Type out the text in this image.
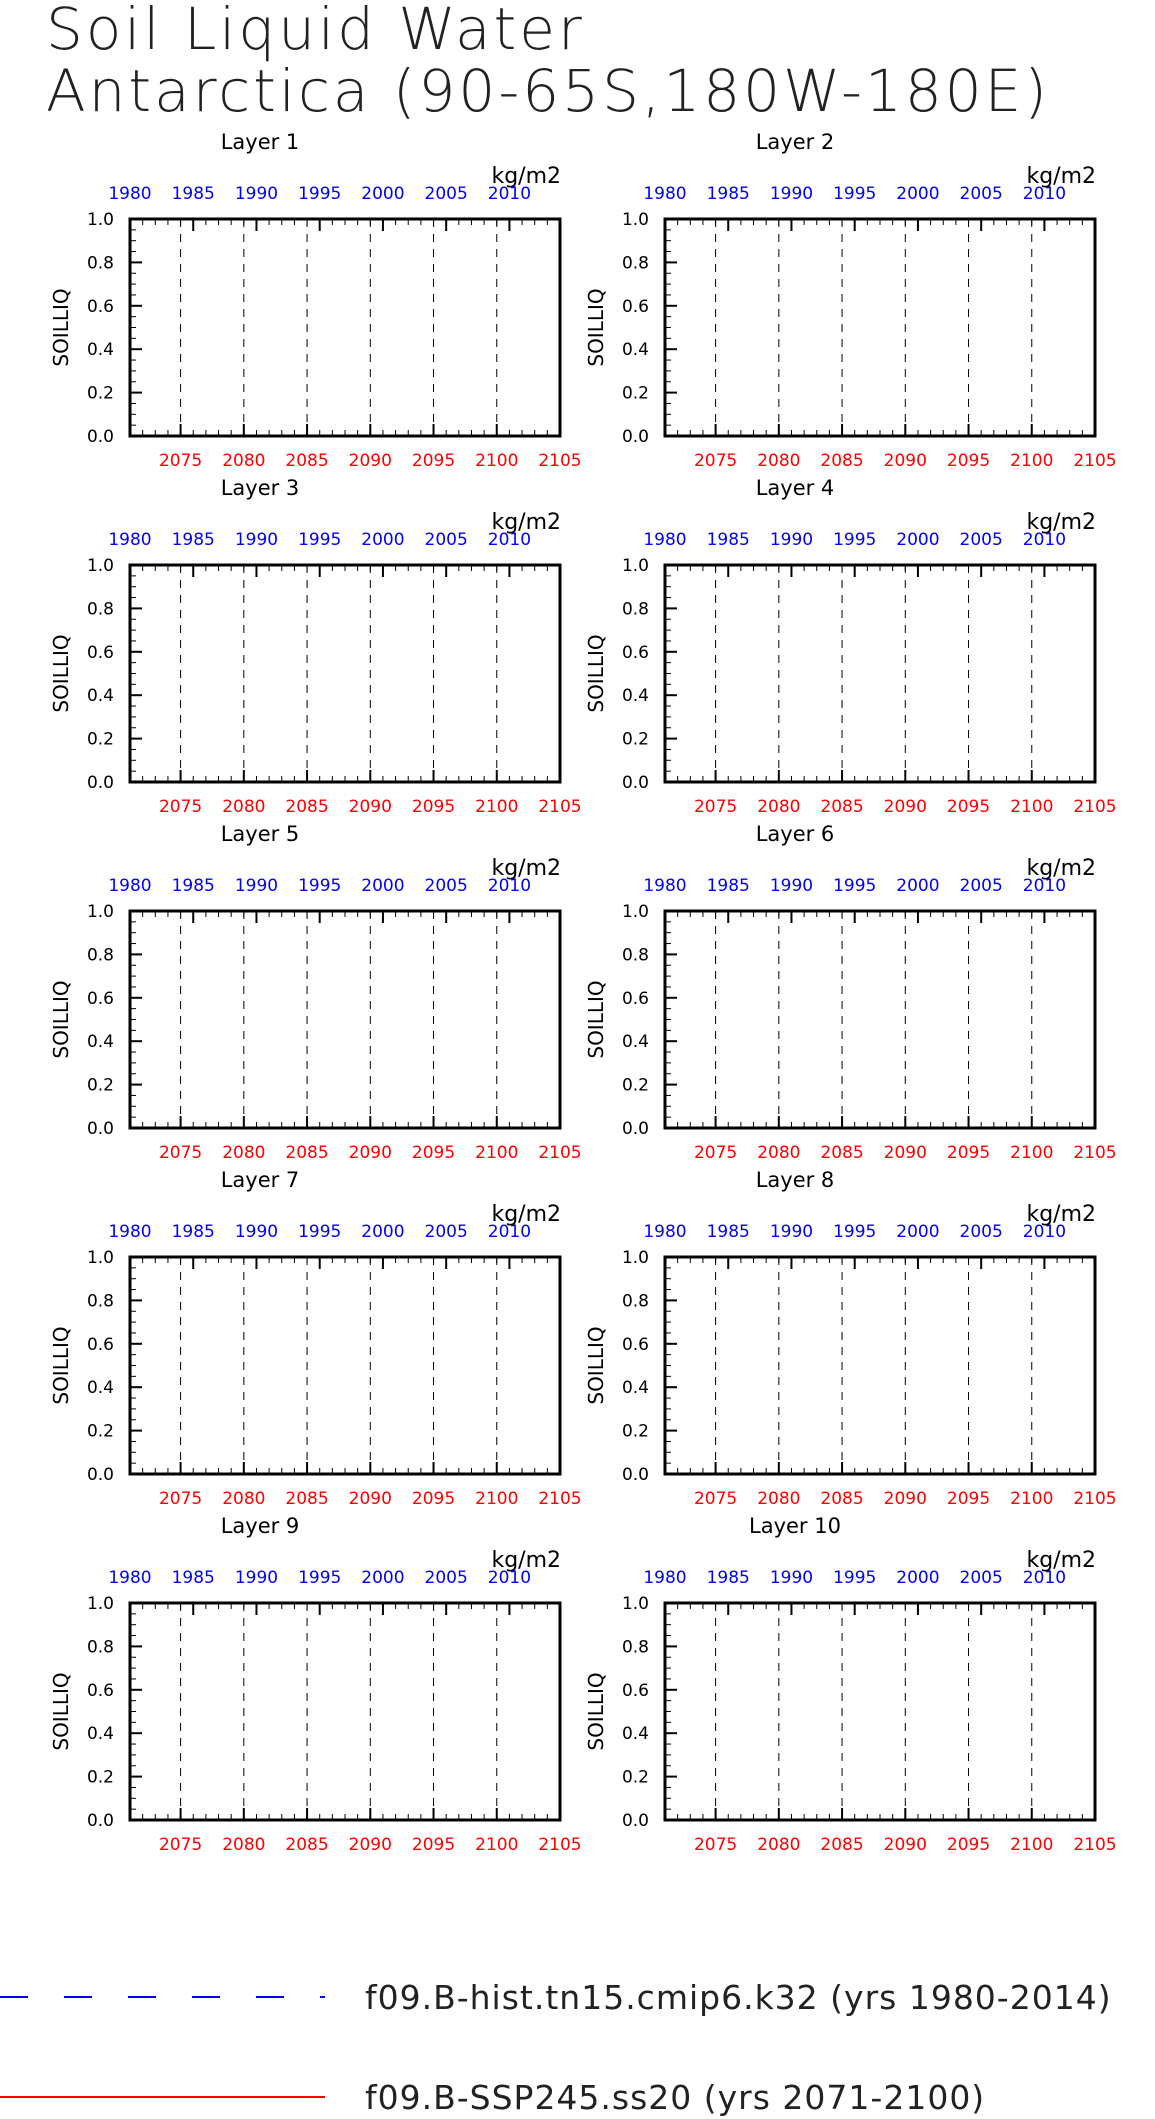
Soil Liquid Water
Antarctica (90-65S,180W-180E)
Layer 1
kg/m2
0.0
0.2
0.4
0.6
0.8
1.0
SOILLIQ
2075 2080 2085 2090 2095 2100 2105
1980 1985 1990 1995 2000 2005 2010
Layer 2
kg/m2
0.0
0.2
0.4
0.6
0.8
1.0
SOILLIQ
2075 2080 2085 2090 2095 2100 2105
1980 1985 1990 1995 2000 2005 2010
Layer 3
kg/m2
0.0
0.2
0.4
0.6
0.8
1.0
SOILLIQ
2075 2080 2085 2090 2095 2100 2105
1980 1985 1990 1995 2000 2005 2010
Layer 4
kg/m2
0.0
0.2
0.4
0.6
0.8
1.0
SOILLIQ
2075 2080 2085 2090 2095 2100 2105
1980 1985 1990 1995 2000 2005 2010
Layer 5
kg/m2
0.0
0.2
0.4
0.6
0.8
1.0
SOILLIQ
2075 2080 2085 2090 2095 2100 2105
1980 1985 1990 1995 2000 2005 2010
Layer 6
kg/m2
0.0
0.2
0.4
0.6
0.8
1.0
SOILLIQ
2075 2080 2085 2090 2095 2100 2105
1980 1985 1990 1995 2000 2005 2010
Layer 7
kg/m2
0.0
0.2
0.4
0.6
0.8
1.0
SOILLIQ
2075 2080 2085 2090 2095 2100 2105
1980 1985 1990 1995 2000 2005 2010
Layer 8
kg/m2
0.0
0.2
0.4
0.6
0.8
1.0
SOILLIQ
2075 2080 2085 2090 2095 2100 2105
1980 1985 1990 1995 2000 2005 2010
Layer 9
kg/m2
0.0
0.2
0.4
0.6
0.8
1.0
SOILLIQ
2075 2080 2085 2090 2095 2100 2105
1980 1985 1990 1995 2000 2005 2010
Layer 10
kg/m2
0.0
0.2
0.4
0.6
0.8
1.0
SOILLIQ
2075 2080 2085 2090 2095 2100 2105
1980 1985 1990 1995 2000 2005 2010
f09.B-hist.tn15.cmip6.k32 (yrs 1980-2014)
f09.B-SSP245.ss20 (yrs 2071-2100)
